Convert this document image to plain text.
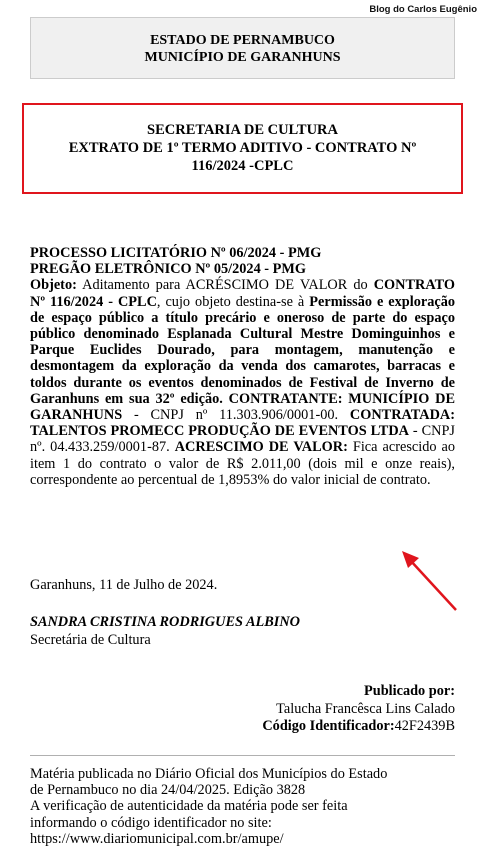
Blog do Carlos Eugênio
ESTADO DE PERNAMBUCO
MUNICÍPIO DE GARANHUNS
SECRETARIA DE CULTURA
EXTRATO DE 1º TERMO ADITIVO - CONTRATO Nº
116/2024 -CPLC

PROCESSO LICITATÓRIO Nº 06/2024 - PMG

PREGÃO ELETRÔNICO Nº 05/2024 - PMG

Objeto: Aditamento para ACRÉSCIMO DE VALOR do CONTRATO Nº 116/2024 - CPLC, cujo objeto destina-se à Permissão e exploração de espaço público a título precário e oneroso de parte do espaço público denominado Esplanada Cultural Mestre Dominguinhos e Parque Euclides Dourado, para montagem, manutenção e desmontagem da exploração da venda dos camarotes, barracas e toldos durante os eventos denominados de Festival de Inverno de Garanhuns em sua 32º edição. CONTRATANTE: MUNICÍPIO DE GARANHUNS - CNPJ nº 11.303.906/0001-00. CONTRATADA: TALENTOS PROMECC PRODUÇÃO DE EVENTOS LTDA - CNPJ nº. 04.433.259/0001-87. ACRESCIMO DE VALOR: Fica acrescido ao item 1 do contrato o valor de R$ 2.011,00 (dois mil e onze reais), correspondente ao percentual de 1,8953% do valor inicial de contrato.

Garanhuns, 11 de Julho de 2024.
SANDRA CRISTINA RODRIGUES ALBINO
Secretária de Cultura
Publicado por:
Talucha Francêsca Lins Calado
Código Identificador:42F2439B
Matéria publicada no Diário Oficial dos Municípios do Estado
de Pernambuco no dia 24/04/2025. Edição 3828
A verificação de autenticidade da matéria pode ser feita
informando o código identificador no site:
https://www.diariomunicipal.com.br/amupe/
